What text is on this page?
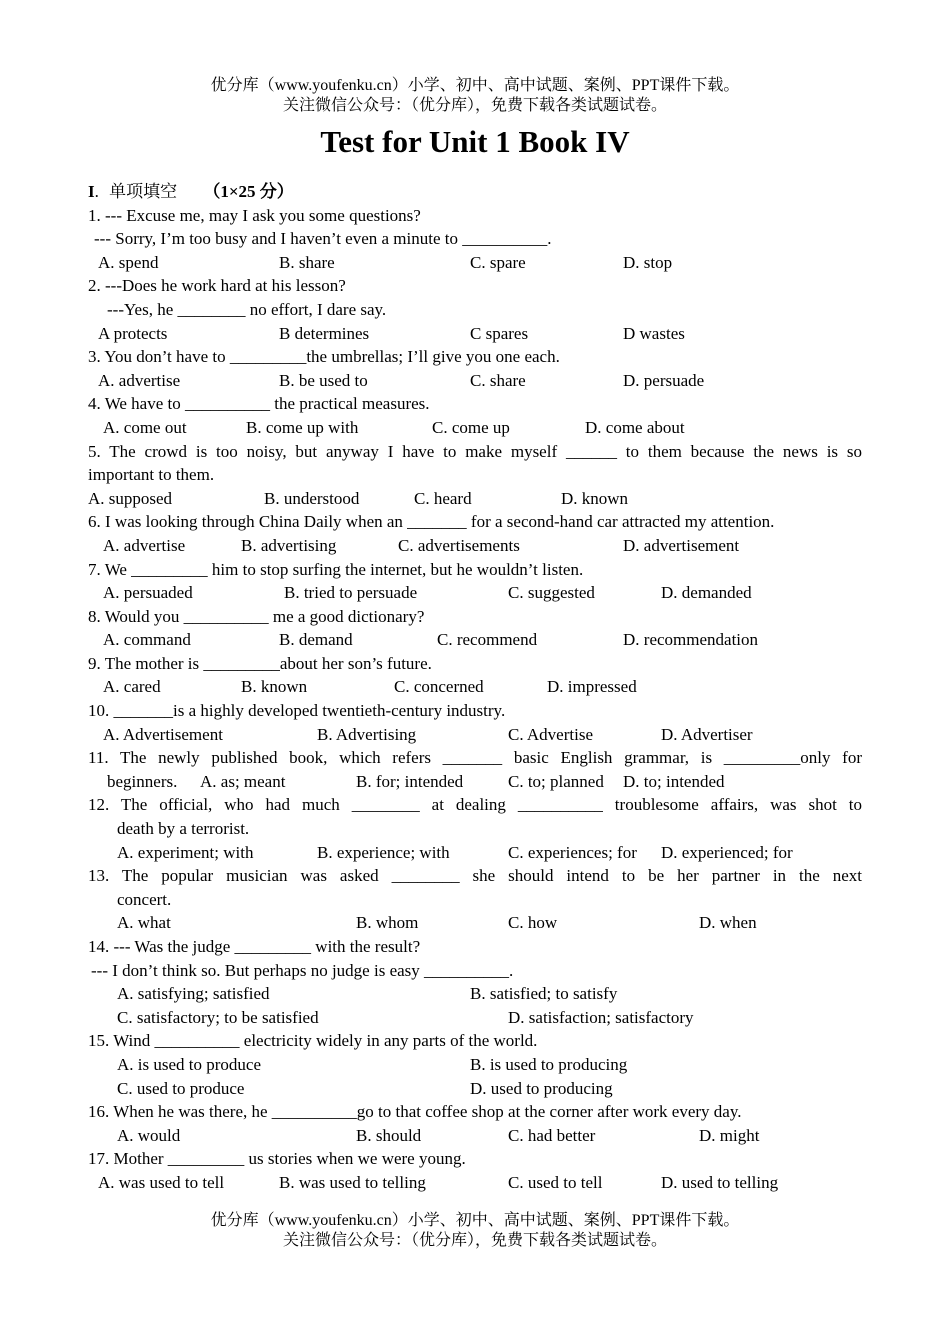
优分库（www.youfenku.cn）小学、初中、高中试题、案例、PPT课件下载。
关注微信公众号：（优分库），免费下载各类试题试卷。
Test for Unit 1 Book IV
I. 单项填空 （1×25 分）
1. --- Excuse me, may I ask you some questions?
--- Sorry, I’m too busy and I haven’t even a minute to __________.
A. spend	B. share	C. spare	D. stop
2. ---Does he work hard at his lesson?
---Yes, he ________ no effort, I dare say.
A protects	B determines	C spares	D wastes
3. You don’t have to _________the umbrellas; I’ll give you one each.
A. advertise	B. be used to	C. share	D. persuade
4. We have to __________ the practical measures.
A. come out	B. come up with	C. come up	D. come about
5. The crowd is too noisy, but anyway I have to make myself ______ to them because the news is so
important to them.
A. supposed	B. understood	C. heard	D. known
6. I was looking through China Daily when an _______ for a second-hand car attracted my attention.
A. advertise	B. advertising	C. advertisements	D. advertisement
7. We _________ him to stop surfing the internet, but he wouldn’t listen.
A. persuaded	B. tried to persuade	C. suggested	D. demanded
8. Would you __________ me a good dictionary?
A. command	B. demand	C. recommend	D. recommendation
9. The mother is _________about her son’s future.
A. cared	B. known	C. concerned	D. impressed
10. _______is a highly developed twentieth-century industry.
A. Advertisement	B. Advertising	C. Advertise	D. Advertiser
11. The newly published book, which refers _______ basic English grammar, is _________only for
beginners. A. as; meant	B. for; intended	C. to; planned D. to; intended
12. The official, who had much ________ at dealing __________ troublesome affairs, was shot to
death by a terrorist.
A. experiment; with	B. experience; with	C. experiences; for D. experienced; for
13. The popular musician was asked ________ she should intend to be her partner in the next
concert.
A. what	B. whom	C. how	D. when
14. --- Was the judge _________ with the result?
--- I don’t think so. But perhaps no judge is easy __________.
A. satisfying; satisfied	B. satisfied; to satisfy
C. satisfactory; to be satisfied	D. satisfaction; satisfactory
15. Wind __________ electricity widely in any parts of the world.
A. is used to produce	B. is used to producing
C. used to produce	D. used to producing
16. When he was there, he __________go to that coffee shop at the corner after work every day.
A. would	B. should	C. had better	D. might
17. Mother _________ us stories when we were young.
A. was used to tell	B. was used to telling	C. used to tell	D. used to telling
优分库（www.youfenku.cn）小学、初中、高中试题、案例、PPT课件下载。
关注微信公众号：（优分库），免费下载各类试题试卷。
